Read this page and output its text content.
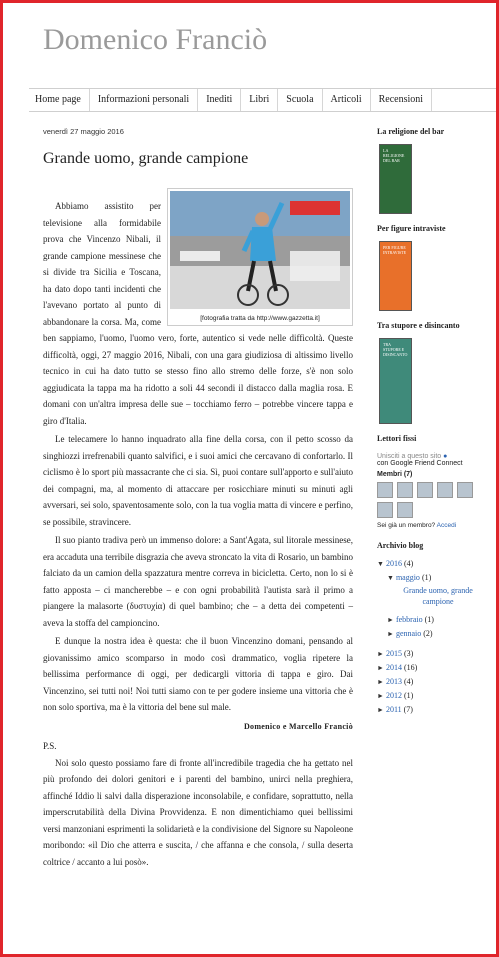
Domenico Franciò
Home page	Informazioni personali	Inediti	Libri	Scuola	Articoli	Recensioni
venerdì 27 maggio 2016
Grande uomo, grande campione
[fotografia tratta da http://www.gazzetta.it]

Abbiamo assistito per televisione alla formidabile prova che Vincenzo Nibali, il grande campione messinese che si divide tra Sicilia e Toscana, ha dato dopo tanti incidenti che l'avevano portato al punto di abbandonare la corsa. Ma, come ben sappiamo, l'uomo, l'uomo vero, forte, autentico si vede nelle difficoltà. Queste difficoltà, oggi, 27 maggio 2016, Nibali, con una gara giudiziosa di altissimo livello tecnico in cui ha dato tutto se stesso fino allo stremo delle forze, s'è non solo aggiudicata la tappa ma ha ridotto a soli 44 secondi il distacco dalla maglia rosa. E domani con un'altra impresa delle sue – tocchiamo ferro – potrebbe vincere tappa e giro d'Italia.

Le telecamere lo hanno inquadrato alla fine della corsa, con il petto scosso da singhiozzi irrefrenabili quanto salvifici, e i suoi amici che cercavano di confortarlo. Il ciclismo è lo sport più massacrante che ci sia. Sì, puoi contare sull'apporto e sull'aiuto dei compagni, ma, al momento di attaccare per rosicchiare minuti su minuti agli avversari, sei solo, spaventosamente solo, con la tua voglia matta di vincere e perfino, se possibile, stravincere.

Il suo pianto tradiva però un immenso dolore: a Sant'Agata, sul litorale messinese, era accaduta una terribile disgrazia che aveva stroncato la vita di Rosario, un bambino falciato da un camion della spazzatura mentre correva in bicicletta. Certo, non lo si è fatto apposta – ci mancherebbe – e con ogni probabilità l'autista sarà il primo a piangere la malasorte (δυστυχία) di quel bambino; che – a detta dei competenti – aveva la stoffa del campioncino.

E dunque la nostra idea è questa: che il buon Vincenzino domani, pensando al giovanissimo amico scomparso in modo così drammatico, voglia ripetere la bellissima performance di oggi, per dedicargli vittoria di tappa e giro. Dai Vincenzino, sei tutti noi! Noi tutti siamo con te per godere insieme una vittoria che è non solo sportiva, ma è la vittoria del bene sul male.

Domenico e Marcello Franciò
P.S.

Noi solo questo possiamo fare di fronte all'incredibile tragedia che ha gettato nel più profondo dei dolori genitori e i parenti del bambino, unirci nella preghiera, affinché Iddio li salvi dalla disperazione inconsolabile, e confidare, soprattutto, nella imperscrutabilità della Divina Provvidenza. E non dimentichiamo quei bellissimi versi manzoniani esprimenti la solidarietà e la condivisione del Signore su Napoleone moribondo: «il Dio che atterra e suscita, / che affanna e che consola, / sulla deserta coltrice / accanto a lui posò».

La religione del bar
LA RELIGIONE DEL BAR
Per figure intraviste
PER FIGURE INTRAVISTE
Tra stupore e disincanto
TRA STUPORE E DISINCANTO
Lettori fissi
Unisciti a questo sito ●
con Google Friend Connect
Membri (7)
Sei già un membro? Accedi
Archivio blog
▼ 2016 (4)
▼ maggio (1)
Grande uomo, grande campione
► febbraio (1)
► gennaio (2)
► 2015 (3)
► 2014 (16)
► 2013 (4)
► 2012 (1)
► 2011 (7)
